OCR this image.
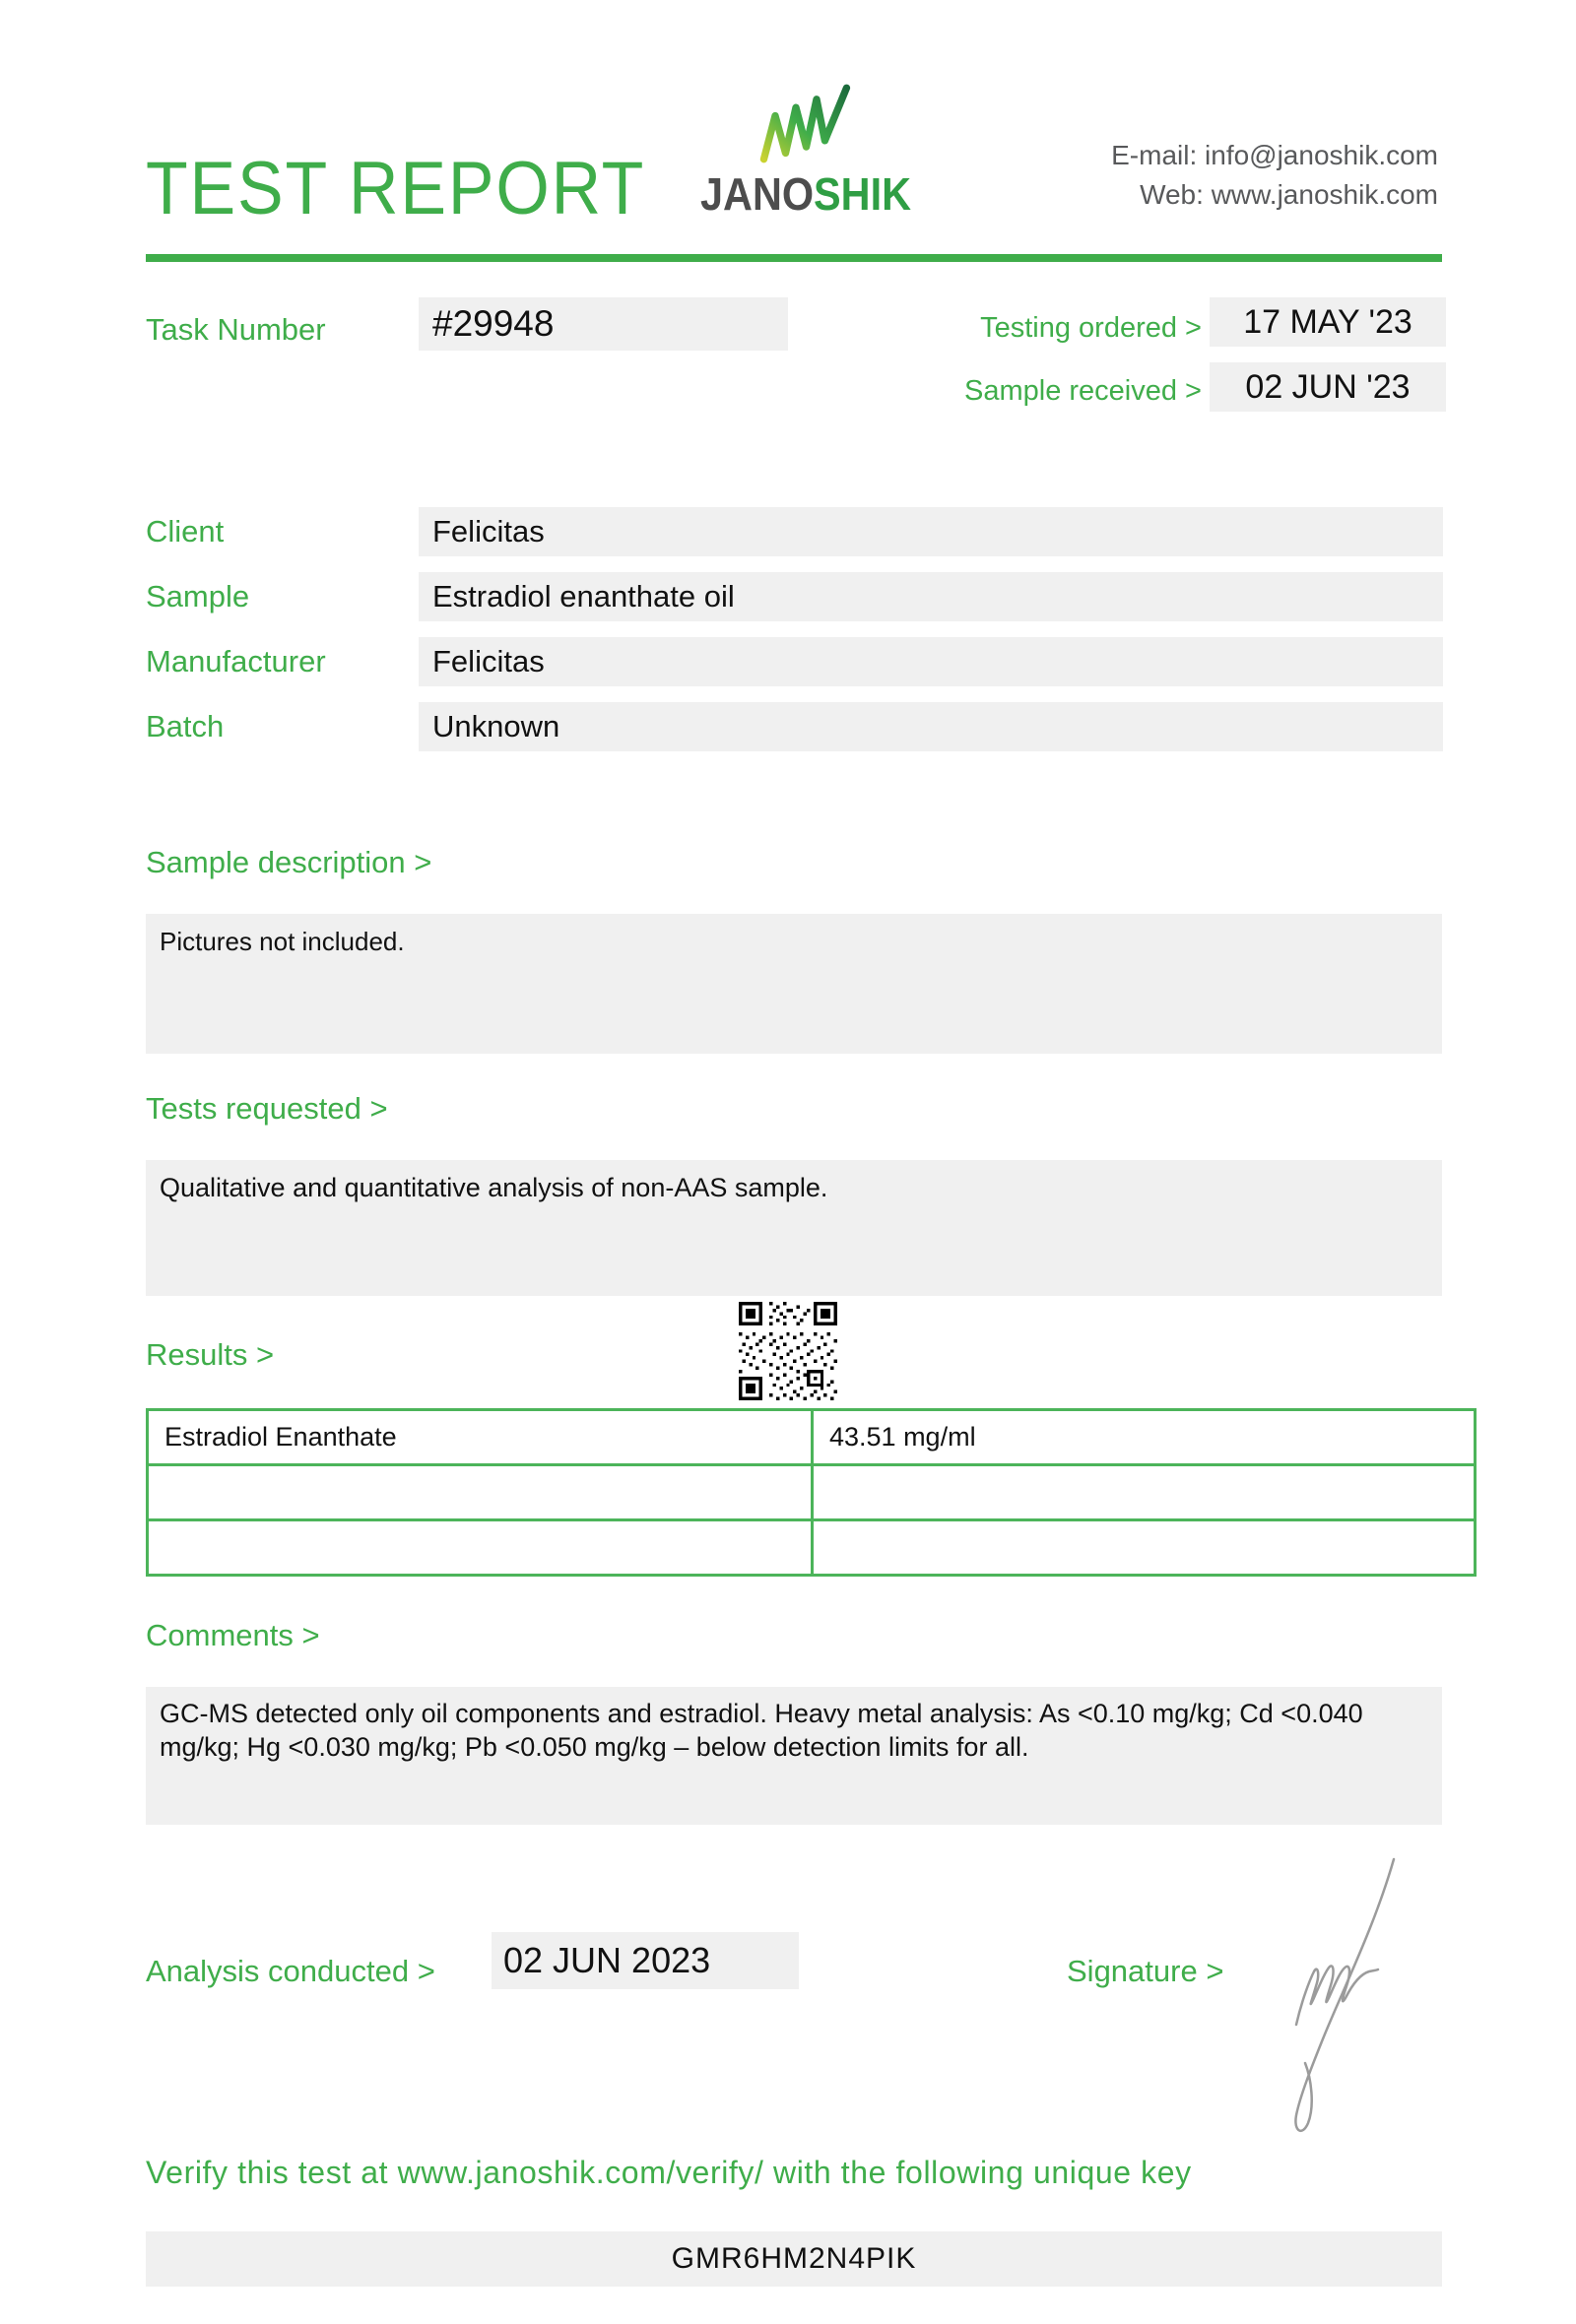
TEST REPORT JANOSHIK
E-mail: info@janoshik.com
Web: www.janoshik.com
Task Number	#29948	Testing ordered >	17 MAY '23
Sample received >	02 JUN '23
Client	Felicitas
Sample	Estradiol enanthate oil
Manufacturer	Felicitas
Batch	Unknown
Sample description >
Pictures not included.
Tests requested >
Qualitative and quantitative analysis of non-AAS sample.
Results >
Estradiol Enanthate	43.51 mg/ml

Comments >
GC-MS detected only oil components and estradiol. Heavy metal analysis: As <0.10 mg/kg; Cd <0.040 mg/kg; Hg <0.030 mg/kg; Pb <0.050 mg/kg – below detection limits for all.
Analysis conducted >	02 JUN 2023	Signature >
Verify this test at www.janoshik.com/verify/ with the following unique key
GMR6HM2N4PIK
